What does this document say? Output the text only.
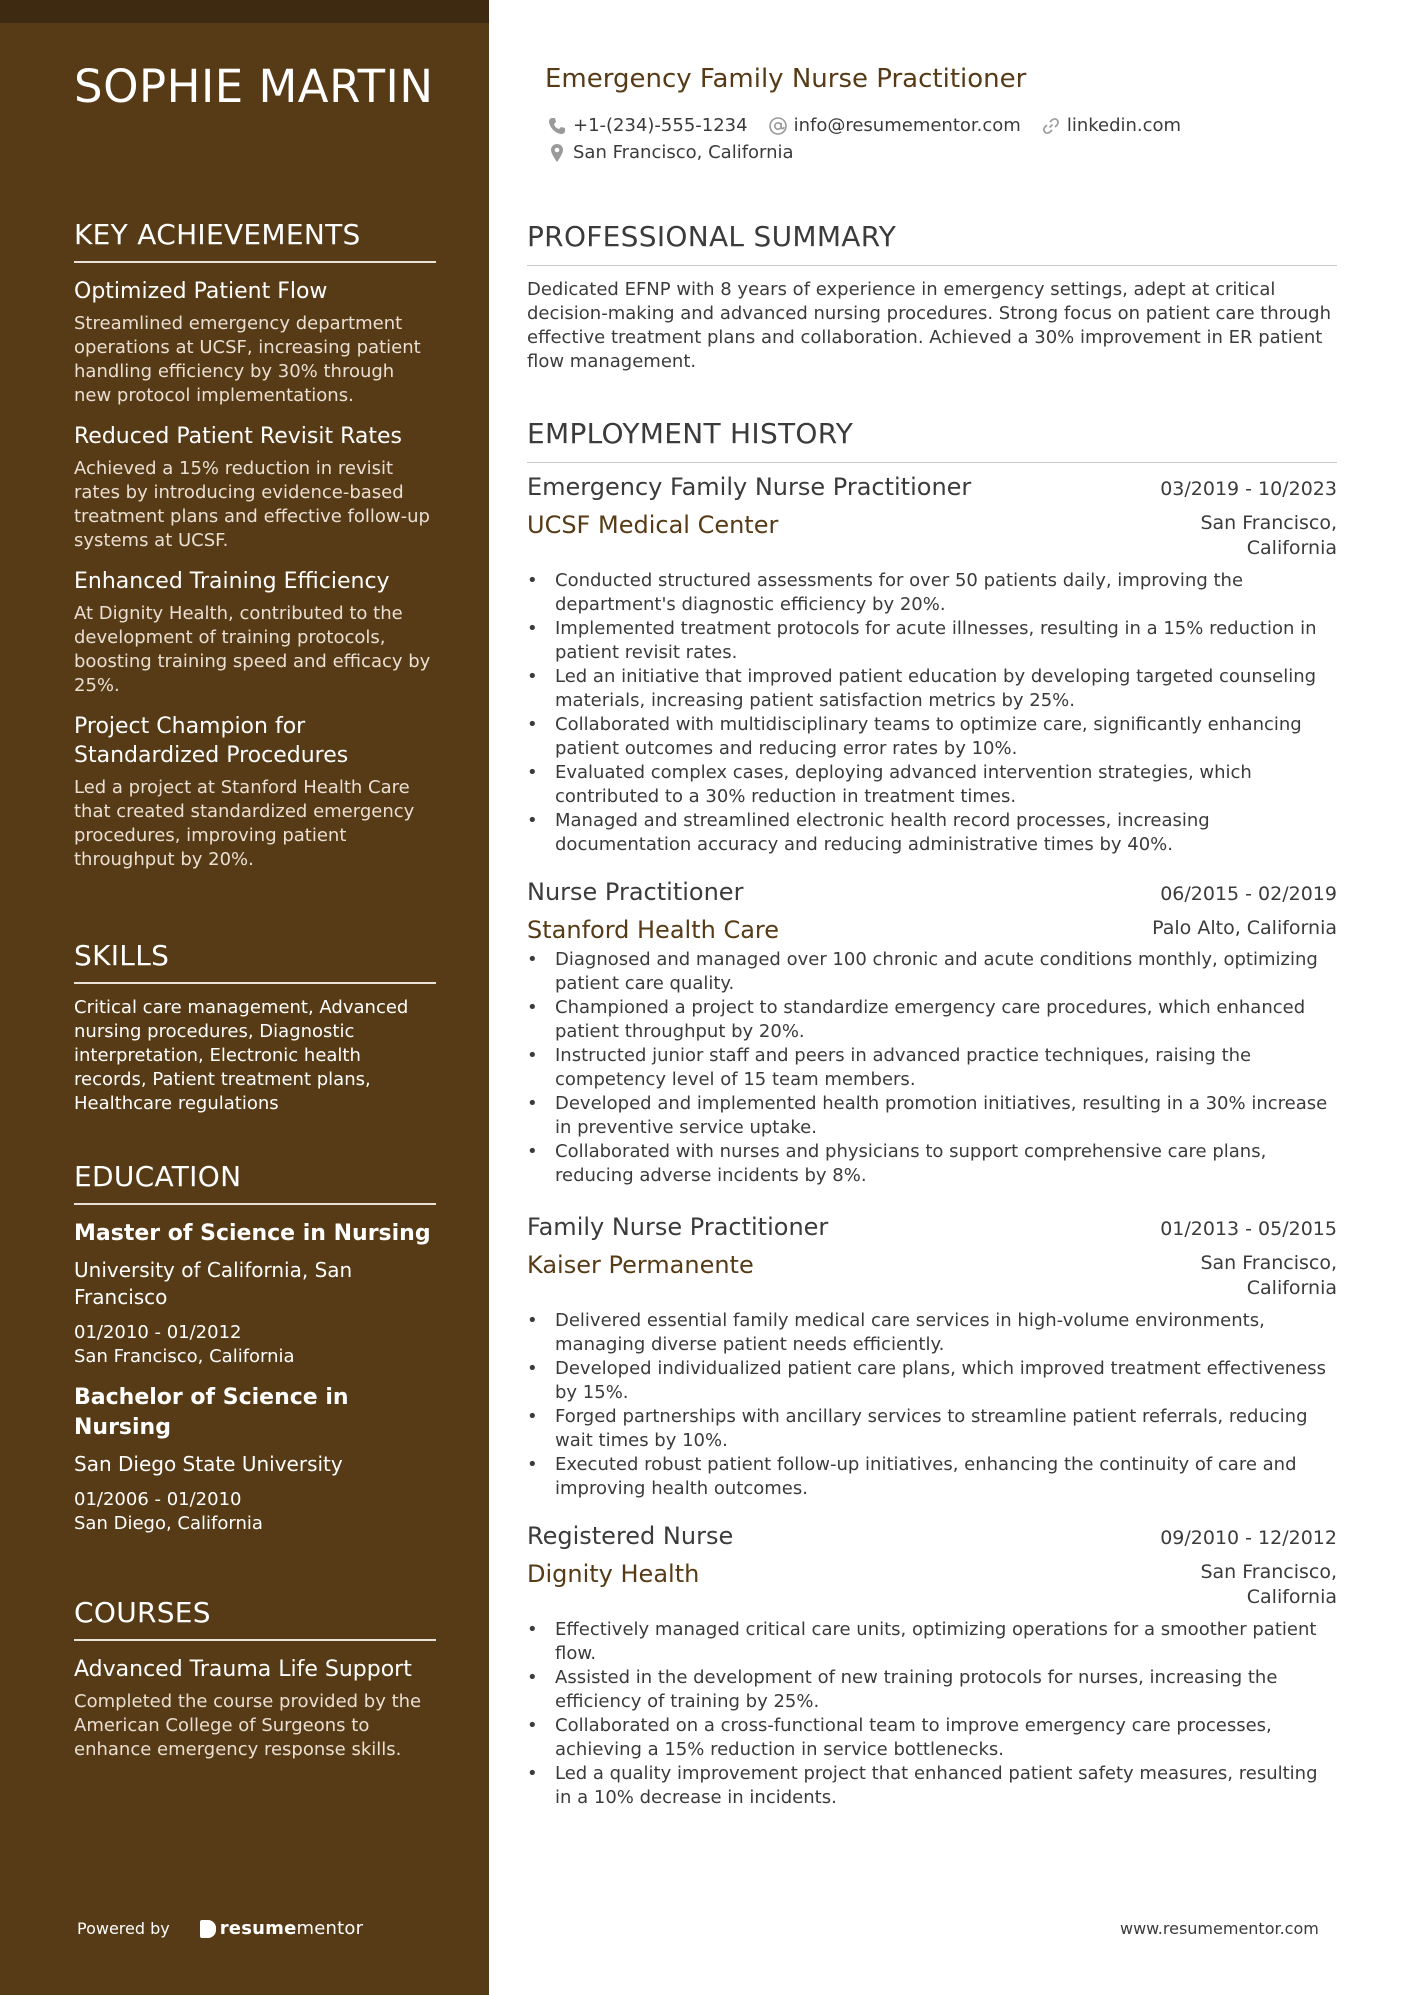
SOPHIE MARTIN
KEY ACHIEVEMENTS
Optimized Patient Flow
Streamlined emergency department operations at UCSF, increasing patient handling efficiency by 30% through new protocol implementations.
Reduced Patient Revisit Rates
Achieved a 15% reduction in revisit rates by introducing evidence-based treatment plans and effective follow-up systems at UCSF.
Enhanced Training Efficiency
At Dignity Health, contributed to the development of training protocols, boosting training speed and efficacy by 25%.
Project Champion for Standardized Procedures
Led a project at Stanford Health Care that created standardized emergency procedures, improving patient throughput by 20%.
SKILLS
Critical care management, Advanced nursing procedures, Diagnostic interpretation, Electronic health records, Patient treatment plans, Healthcare regulations
EDUCATION
Master of Science in Nursing
University of California, San Francisco
01/2010 - 01/2012
San Francisco, California
Bachelor of Science in Nursing
San Diego State University
01/2006 - 01/2010
San Diego, California
COURSES
Advanced Trauma Life Support
Completed the course provided by the American College of Surgeons to enhance emergency response skills.
Powered by	resume mentor
Emergency Family Nurse Practitioner
+1-(234)-555-1234	info@resumementor.com	linkedin.com
San Francisco, California
PROFESSIONAL SUMMARY
Dedicated EFNP with 8 years of experience in emergency settings, adept at critical decision-making and advanced nursing procedures. Strong focus on patient care through effective treatment plans and collaboration. Achieved a 30% improvement in ER patient flow management.
EMPLOYMENT HISTORY
Emergency Family Nurse Practitioner	03/2019 - 10/2023
UCSF Medical Center	San Francisco, California
• Conducted structured assessments for over 50 patients daily, improving the department's diagnostic efficiency by 20%.
• Implemented treatment protocols for acute illnesses, resulting in a 15% reduction in patient revisit rates.
• Led an initiative that improved patient education by developing targeted counseling materials, increasing patient satisfaction metrics by 25%.
• Collaborated with multidisciplinary teams to optimize care, significantly enhancing patient outcomes and reducing error rates by 10%.
• Evaluated complex cases, deploying advanced intervention strategies, which contributed to a 30% reduction in treatment times.
• Managed and streamlined electronic health record processes, increasing documentation accuracy and reducing administrative times by 40%.
Nurse Practitioner	06/2015 - 02/2019
Stanford Health Care	Palo Alto, California
• Diagnosed and managed over 100 chronic and acute conditions monthly, optimizing patient care quality.
• Championed a project to standardize emergency care procedures, which enhanced patient throughput by 20%.
• Instructed junior staff and peers in advanced practice techniques, raising the competency level of 15 team members.
• Developed and implemented health promotion initiatives, resulting in a 30% increase in preventive service uptake.
• Collaborated with nurses and physicians to support comprehensive care plans, reducing adverse incidents by 8%.
Family Nurse Practitioner	01/2013 - 05/2015
Kaiser Permanente	San Francisco, California
• Delivered essential family medical care services in high-volume environments, managing diverse patient needs efficiently.
• Developed individualized patient care plans, which improved treatment effectiveness by 15%.
• Forged partnerships with ancillary services to streamline patient referrals, reducing wait times by 10%.
• Executed robust patient follow-up initiatives, enhancing the continuity of care and improving health outcomes.
Registered Nurse	09/2010 - 12/2012
Dignity Health	San Francisco, California
• Effectively managed critical care units, optimizing operations for a smoother patient flow.
• Assisted in the development of new training protocols for nurses, increasing the efficiency of training by 25%.
• Collaborated on a cross-functional team to improve emergency care processes, achieving a 15% reduction in service bottlenecks.
• Led a quality improvement project that enhanced patient safety measures, resulting in a 10% decrease in incidents.
www.resumementor.com
